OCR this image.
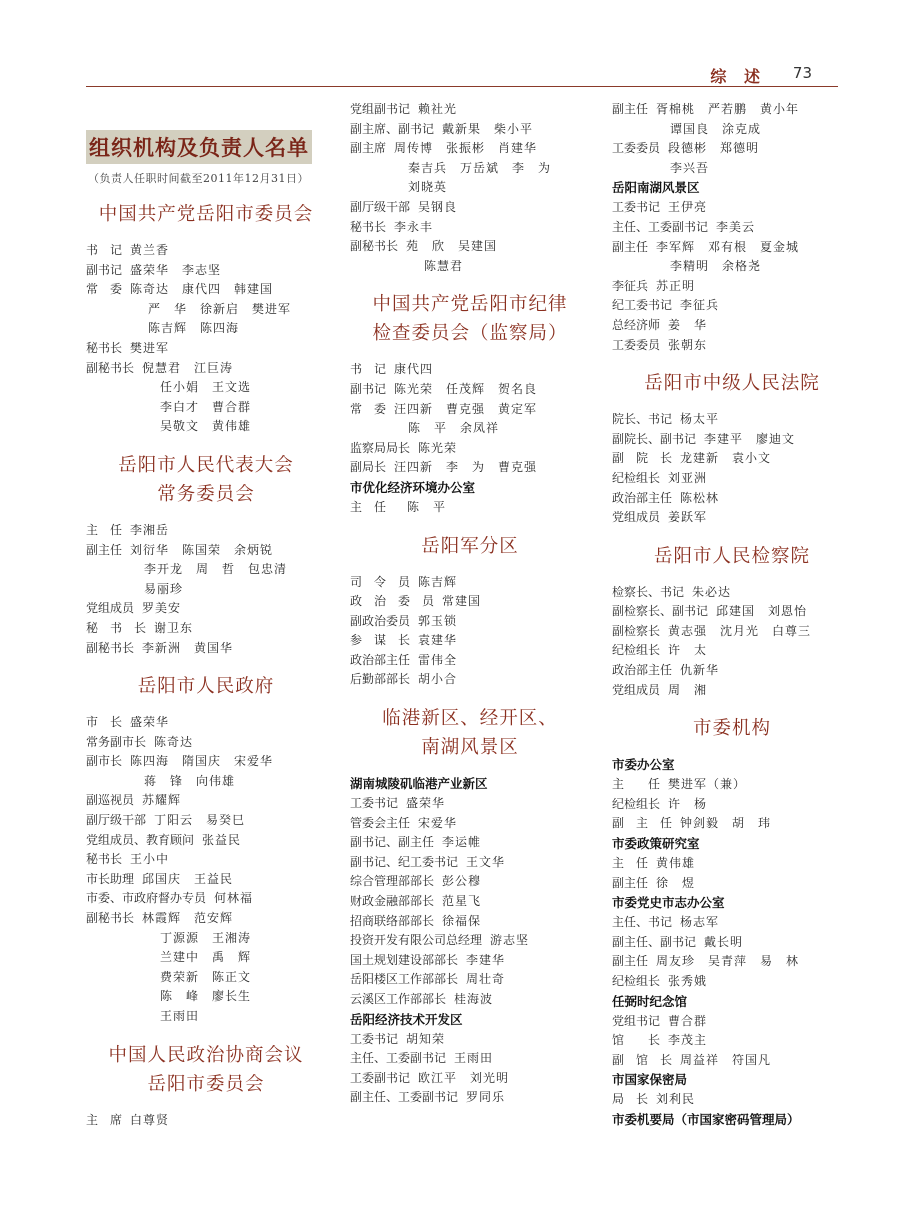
综 述 73
组织机构及负责人名单
（负责人任职时间截至2011年12月31日）
中国共产党岳阳市委员会
书　记 黄兰香
副书记 盛荣华　李志坚
常　委 陈奇达　康代四　韩建国
严　华　徐新启　樊进军
陈吉辉　陈四海
秘书长 樊进军
副秘书长 倪慧君　江巨涛
任小娟　王文选
李白才　曹合群
吴敬文　黄伟雄
岳阳市人民代表大会
常务委员会
主　任 李湘岳
副主任 刘衍华　陈国荣　余炳锐
李开龙　周　哲　包忠清
易丽珍
党组成员 罗美安
秘　书　长 谢卫东
副秘书长 李新洲　黄国华
岳阳市人民政府
市　长 盛荣华
常务副市长 陈奇达
副市长 陈四海　隋国庆　宋爱华
蒋　锋　向伟雄
副巡视员 苏耀辉
副厅级干部 丁阳云　易癸巳
党组成员、教育顾问 张益民
秘书长 王小中
市长助理 邱国庆　王益民
市委、市政府督办专员 何林福
副秘书长 林霞辉　范安辉
丁源源　王湘涛
兰建中　禹　辉
费荣新　陈正文
陈　峰　廖长生
王雨田
中国人民政治协商会议
岳阳市委员会
主　席 白尊贤
党组副书记 赖社光
副主席、副书记 戴新果　柴小平
副主席 周传博　张振彬　肖建华
秦吉兵　万岳斌　李　为
刘晓英
副厅级干部 吴钢良
秘书长 李永丰
副秘书长 苑　欣　吴建国
陈慧君
中国共产党岳阳市纪律
检查委员会（监察局）
书　记 康代四
副书记 陈光荣　任茂辉　贺名良
常　委 汪四新　曹克强　黄定军
陈　平　余凤祥
监察局局长 陈光荣
副局长 汪四新　李　为　曹克强
市优化经济环境办公室
主　任 　陈　平
岳阳军分区
司　令　员 陈吉辉
政　治　委　员 常建国
副政治委员 郭玉锁
参　谋　长 袁建华
政治部主任 雷伟全
后勤部部长 胡小合
临港新区、经开区、
南湖风景区
湖南城陵矶临港产业新区
工委书记 盛荣华
管委会主任 宋爱华
副书记、副主任 李运帷
副书记、纪工委书记 王文华
综合管理部部长 彭公穆
财政金融部部长 范星飞
招商联络部部长 徐福保
投资开发有限公司总经理 游志坚
国土规划建设部部长 李建华
岳阳楼区工作部部长 周壮奇
云溪区工作部部长 桂海波
岳阳经济技术开发区
工委书记 胡知荣
主任、工委副书记 王雨田
工委副书记 欧江平　刘光明
副主任、工委副书记 罗同乐
副主任 胥棉桃　严若鹏　黄小年
谭国良　涂克成
工委委员 段德彬　郑德明
李兴吾
岳阳南湖风景区
工委书记 王伊亮
主任、工委副书记 李美云
副主任 李军辉　邓有根　夏金城
李精明　余格尧
李征兵 苏正明
纪工委书记 李征兵
总经济师 姜　华
工委委员 张朝东
岳阳市中级人民法院
院长、书记 杨太平
副院长、副书记 李建平　廖迪文
副　院　长 龙建新　袁小文
纪检组长 刘亚洲
政治部主任 陈松林
党组成员 姜跃军
岳阳市人民检察院
检察长、书记 朱必达
副检察长、副书记 邱建国　刘恩怡
副检察长 黄志强　沈月光　白尊三
纪检组长 许　太
政治部主任 仇新华
党组成员 周　湘
市委机构
市委办公室
主　　任 樊进军（兼）
纪检组长 许　杨
副　主　任 钟剑毅　胡　玮
市委政策研究室
主　任 黄伟雄
副主任 徐　煜
市委党史市志办公室
主任、书记 杨志军
副主任、副书记 戴长明
副主任 周友珍　吴青萍　易　林
纪检组长 张秀娥
任弼时纪念馆
党组书记 曹合群
馆　　长 李茂主
副　馆　长 周益祥　符国凡
市国家保密局
局　长 刘利民
市委机要局（市国家密码管理局）
